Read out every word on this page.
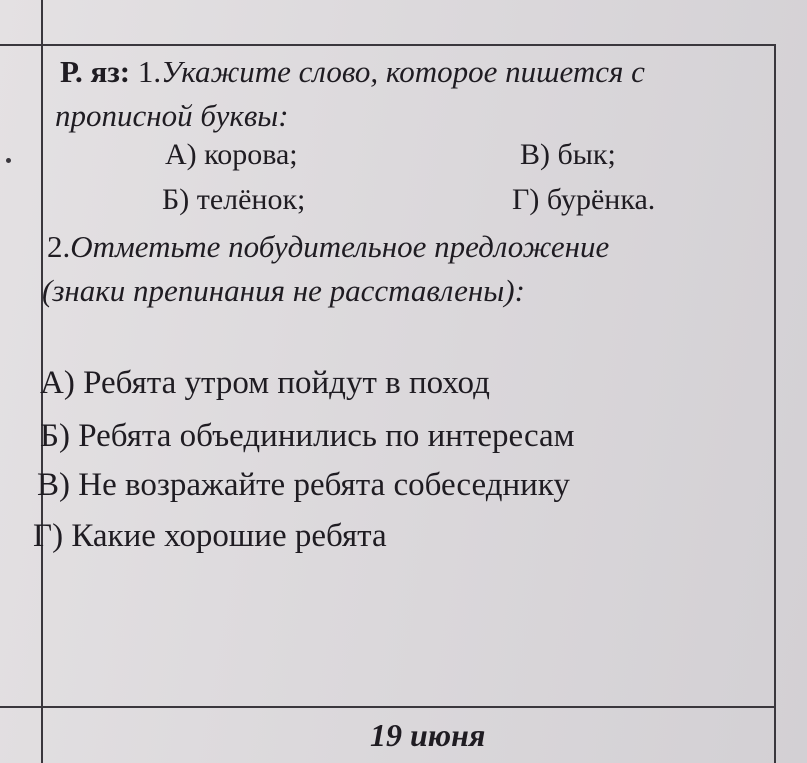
Р. яз: 1.Укажите слово, которое пишется с
прописной буквы:
А) корова;
Б) телёнок;
В) бык;
Г) бурёнка.
2.Отметьте побудительное предложение
(знаки препинания не расставлены):
А) Ребята утром пойдут в поход
Б) Ребята объединились по интересам
В) Не возражайте ребята собеседнику
Г) Какие хорошие ребята
19 июня
